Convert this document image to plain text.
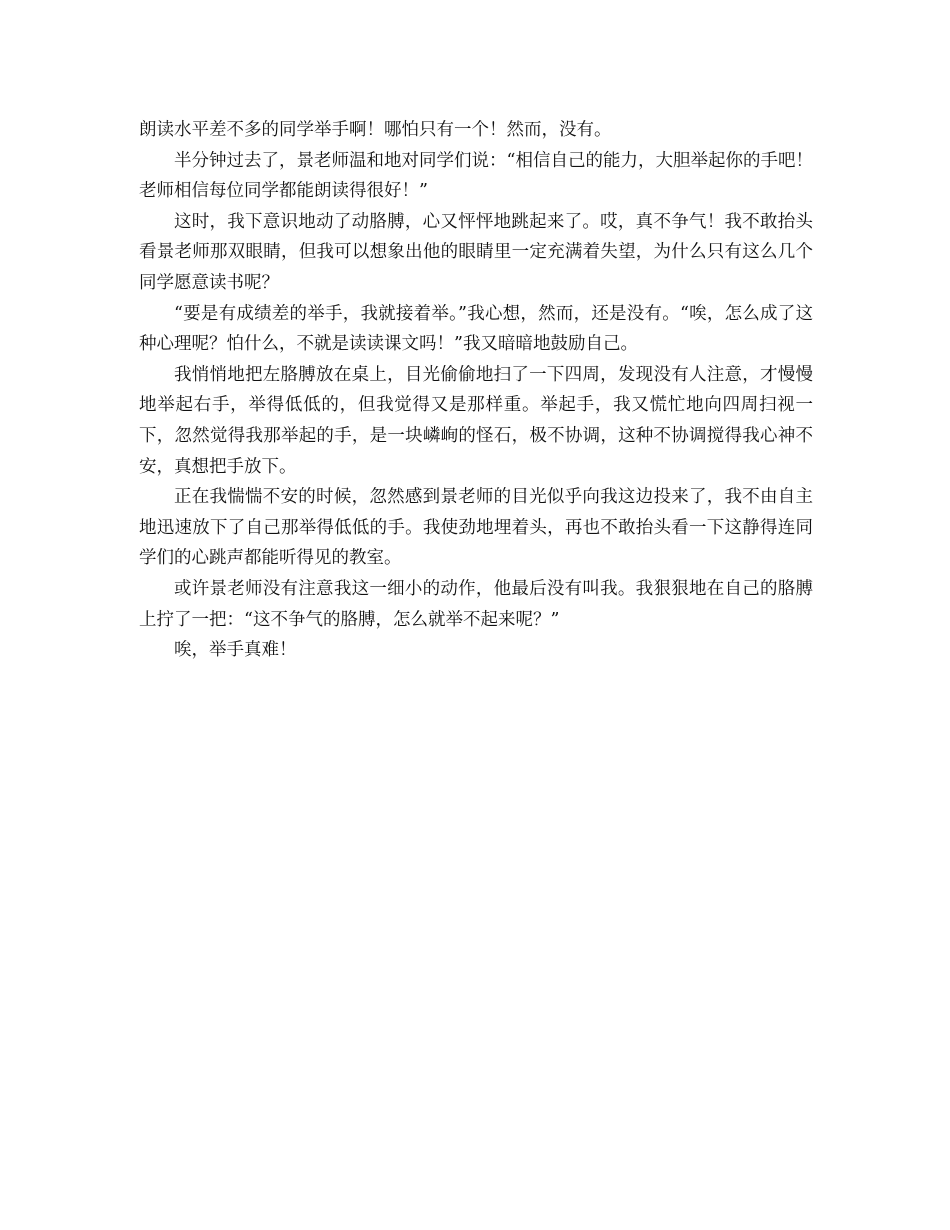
朗读水平差不多的同学举手啊！哪怕只有一个！然而，没有。

半分钟过去了，景老师温和地对同学们说：“相信自己的能力，大胆举起你的手吧！老师相信每位同学都能朗读得很好！”

这时，我下意识地动了动胳膊，心又怦怦地跳起来了。哎，真不争气！我不敢抬头看景老师那双眼睛，但我可以想象出他的眼睛里一定充满着失望，为什么只有这么几个同学愿意读书呢？

“要是有成绩差的举手，我就接着举。”我心想，然而，还是没有。“唉，怎么成了这种心理呢？怕什么，不就是读读课文吗！”我又暗暗地鼓励自己。

我悄悄地把左胳膊放在桌上，目光偷偷地扫了一下四周，发现没有人注意，才慢慢地举起右手，举得低低的，但我觉得又是那样重。举起手，我又慌忙地向四周扫视一下，忽然觉得我那举起的手，是一块嶙峋的怪石，极不协调，这种不协调搅得我心神不安，真想把手放下。

正在我惴惴不安的时候，忽然感到景老师的目光似乎向我这边投来了，我不由自主地迅速放下了自己那举得低低的手。我使劲地埋着头，再也不敢抬头看一下这静得连同学们的心跳声都能听得见的教室。

或许景老师没有注意我这一细小的动作，他最后没有叫我。我狠狠地在自己的胳膊上拧了一把：“这不争气的胳膊，怎么就举不起来呢？”

唉，举手真难！
